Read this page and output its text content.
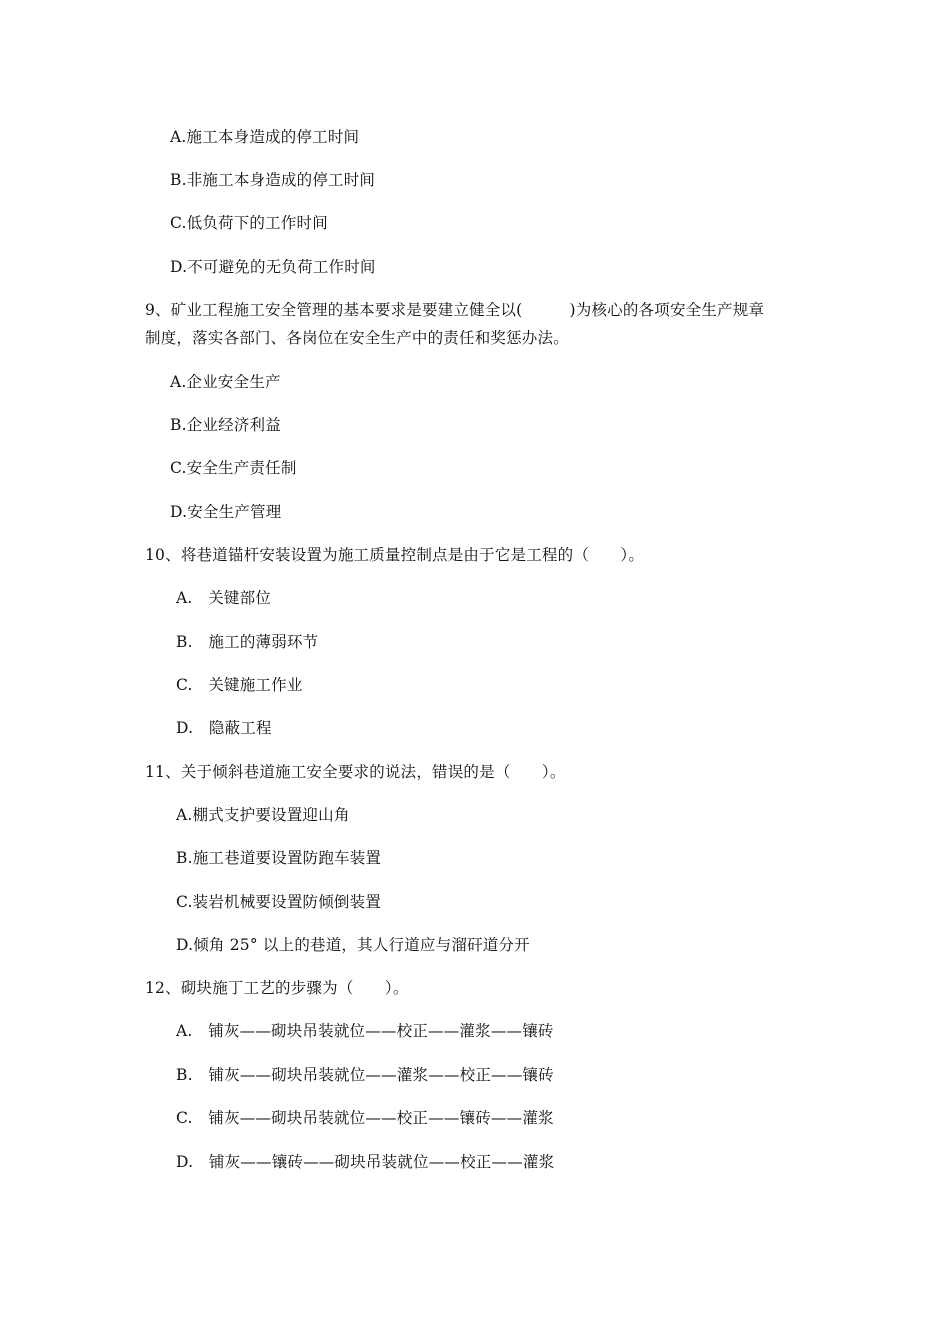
A.施工本身造成的停工时间
B.非施工本身造成的停工时间
C.低负荷下的工作时间
D.不可避免的无负荷工作时间
9、矿业工程施工安全管理的基本要求是要建立健全以(　　　)为核心的各项安全生产规章
制度，落实各部门、各岗位在安全生产中的责任和奖惩办法。
A.企业安全生产
B.企业经济利益
C.安全生产责任制
D.安全生产管理
10、将巷道锚杆安装设置为施工质量控制点是由于它是工程的（　　）。
A.　关键部位
B.　施工的薄弱环节
C.　关键施工作业
D.　隐蔽工程
11、关于倾斜巷道施工安全要求的说法，错误的是（　　）。
A.棚式支护要设置迎山角
B.施工巷道要设置防跑车装置
C.装岩机械要设置防倾倒装置
D.倾角 25° 以上的巷道，其人行道应与溜矸道分开
12、砌块施丁工艺的步骤为（　　）。
A.　铺灰——砌块吊装就位——校正——灌浆——镶砖
B.　铺灰——砌块吊装就位——灌浆——校正——镶砖
C.　铺灰——砌块吊装就位——校正——镶砖——灌浆
D.　铺灰——镶砖——砌块吊装就位——校正——灌浆
